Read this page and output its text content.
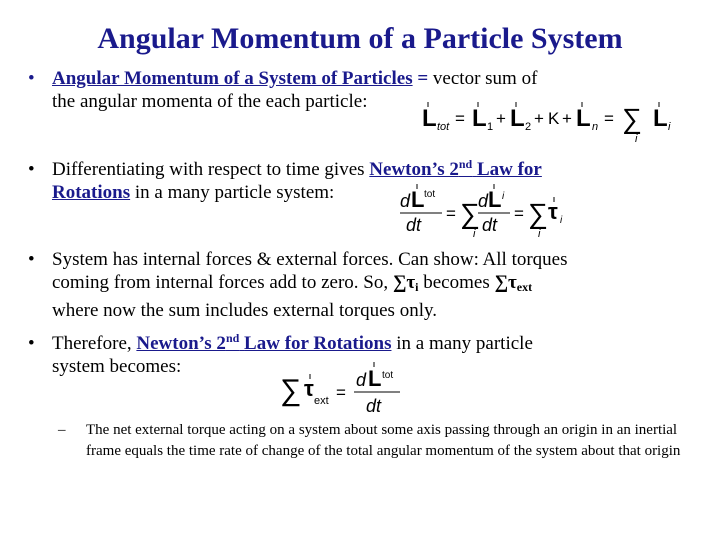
Angular Momentum of a Particle System
• Angular Momentum of a System of Particles = vector sum of
the angular momenta of the each particle:
L tot = L 1 + L 2 + K + L n = ∑
i
L i
• Differentiating with respect to time gives Newton’s 2nd Law for
Rotations in a many particle system:	d L tot
dt
= ∑
i
d L i
dt
= ∑
i
τ i
• System has internal forces & external forces. Can show: All torques
coming from internal forces add to zero. So, $\sum\tau_i$ becomes $\sum\tau_{ext}$
where now the sum includes external torques only.
• Therefore, Newton’s 2nd Law for Rotations in a many particle
system becomes:
∑ τ ext =
d L tot
dt
– The net external torque acting on a system about some axis passing through an origin in an inertial frame equals the time rate of change of the total angular momentum of the system about that origin
